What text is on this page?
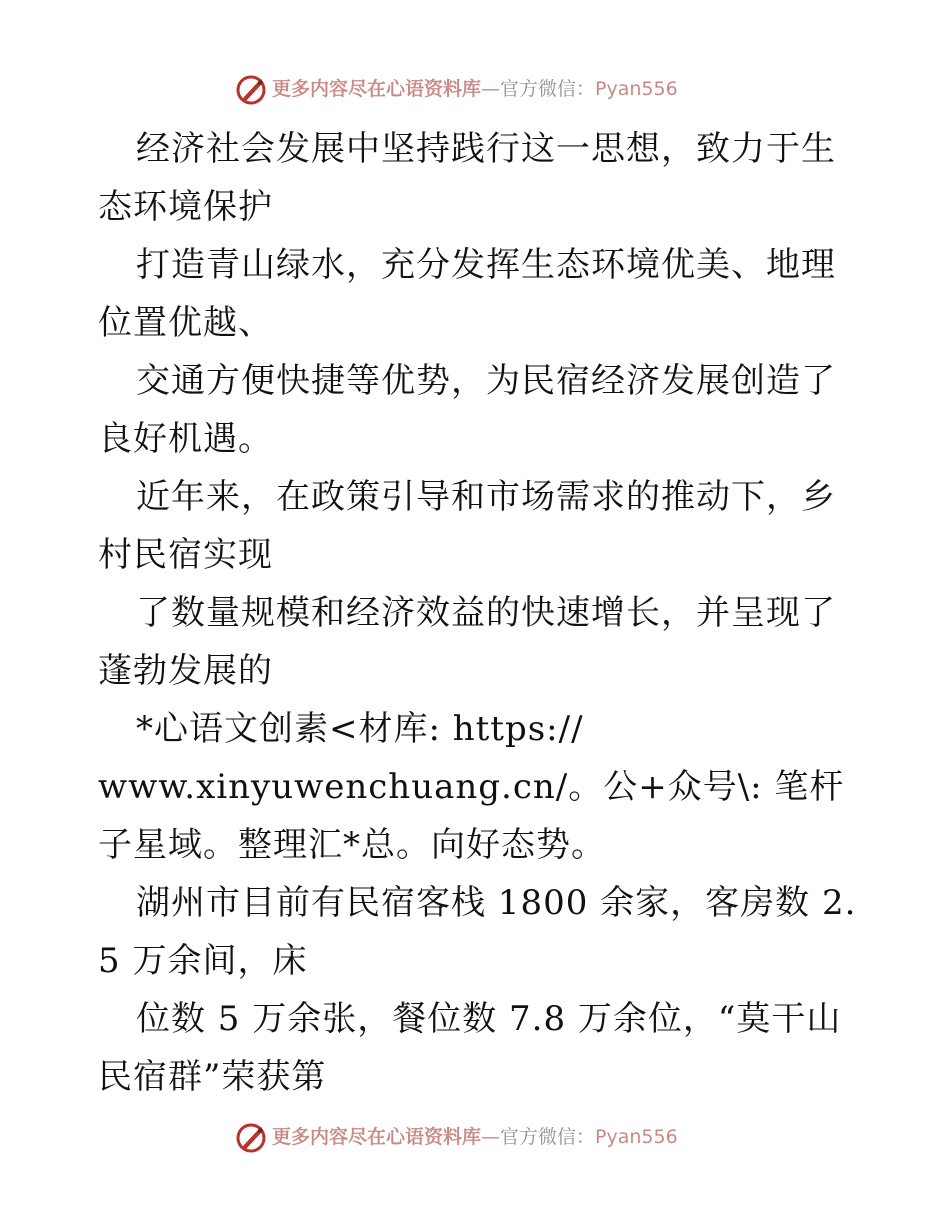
更多内容尽在心语资料库—官方微信：Pyan556

经济社会发展中坚持践行这一思想，致力于生态环境保护

打造青山绿水，充分发挥生态环境优美、地理位置优越、

交通方便快捷等优势，为民宿经济发展创造了良好机遇。

近年来，在政策引导和市场需求的推动下，乡村民宿实现

了数量规模和经济效益的快速增长，并呈现了蓬勃发展的

*心语文创素<材库: https://

www.xinyuwenchuang.cn/。公+众号\: 笔杆子星域。整理汇*总。向好态势。

湖州市目前有民宿客栈 1800 余家，客房数 2.5 万余间，床

位数 5 万余张，餐位数 7.8 万余位，“莫干山民宿群”荣获第

更多内容尽在心语资料库—官方微信：Pyan556
